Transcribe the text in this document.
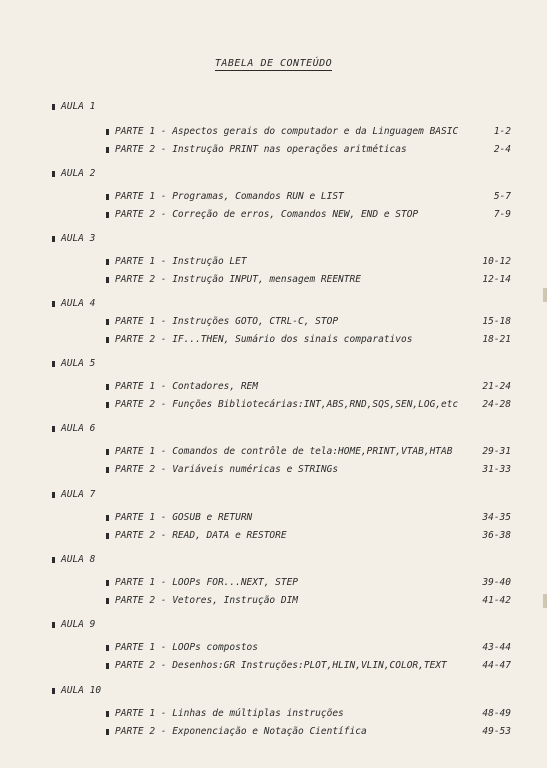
TABELA DE CONTEÚDO
AULA 1
PARTE 1 - Aspectos gerais do computador e da Linguagem BASIC	1-2
PARTE 2 - Instrução PRINT nas operações aritméticas	2-4
AULA 2
PARTE 1 - Programas, Comandos RUN e LIST	5-7
PARTE 2 - Correção de erros, Comandos NEW, END e STOP	7-9
AULA 3
PARTE 1 - Instrução LET	10-12
PARTE 2 - Instrução INPUT, mensagem REENTRE	12-14
AULA 4
PARTE 1 - Instruções GOTO, CTRL-C, STOP	15-18
PARTE 2 - IF...THEN, Sumário dos sinais comparativos	18-21
AULA 5
PARTE 1 - Contadores, REM	21-24
PARTE 2 - Funções Bibliotecárias:INT,ABS,RND,SQS,SEN,LOG,etc	24-28
AULA 6
PARTE 1 - Comandos de contrôle de tela:HOME,PRINT,VTAB,HTAB	29-31
PARTE 2 - Variáveis numéricas e STRINGs	31-33
AULA 7
PARTE 1 - GOSUB e RETURN	34-35
PARTE 2 - READ, DATA e RESTORE	36-38
AULA 8
PARTE 1 - LOOPs FOR...NEXT, STEP	39-40
PARTE 2 - Vetores, Instrução DIM	41-42
AULA 9
PARTE 1 - LOOPs compostos	43-44
PARTE 2 - Desenhos:GR Instruções:PLOT,HLIN,VLIN,COLOR,TEXT	44-47
AULA 10
PARTE 1 - Linhas de múltiplas instruções	48-49
PARTE 2 - Exponenciação e Notação Científica	49-53
